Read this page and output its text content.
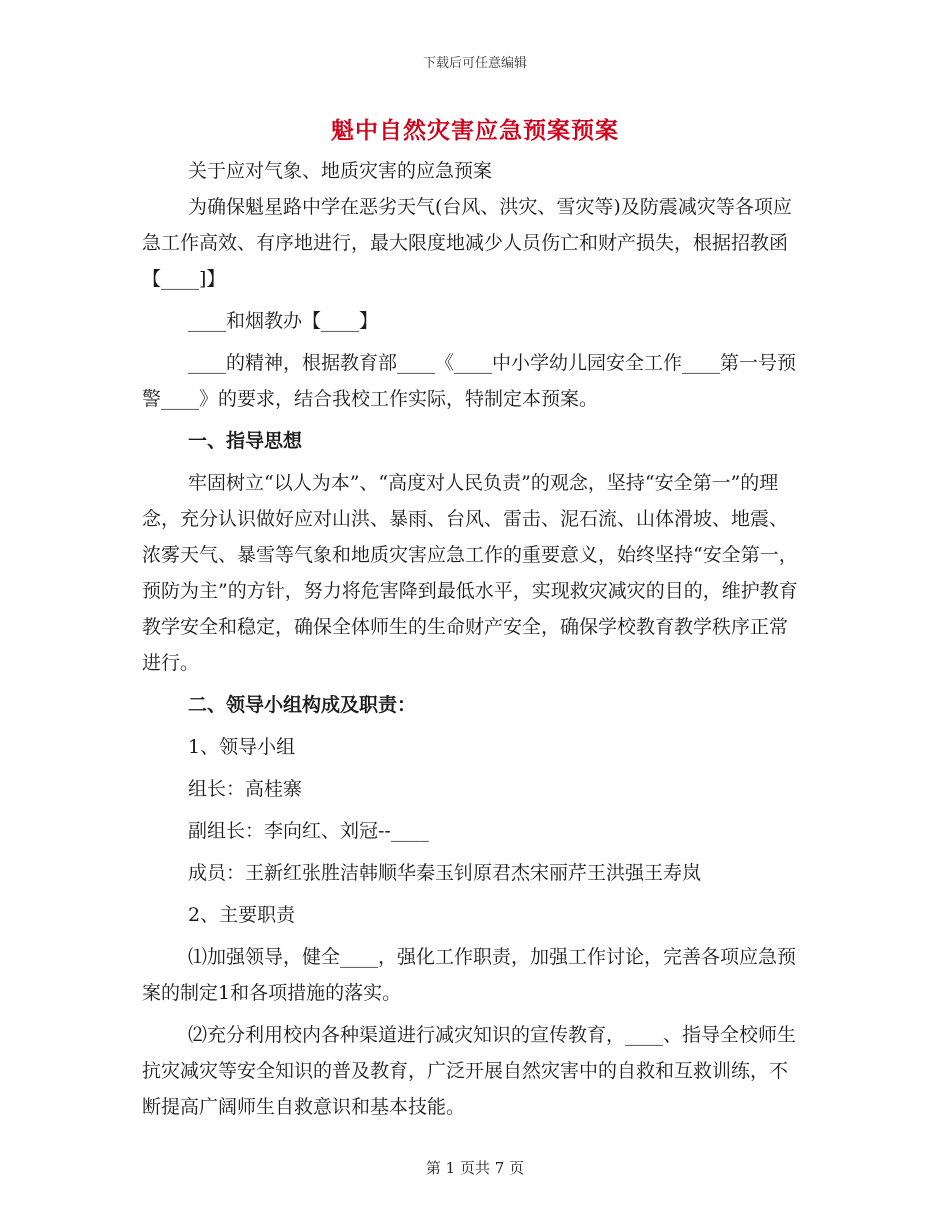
下载后可任意编辑
魁中自然灾害应急预案预案

关于应对气象、地质灾害的应急预案

为确保魁星路中学在恶劣天气(台风、洪灾、雪灾等)及防震减灾等各项应急工作高效、有序地进行，最大限度地减少人员伤亡和财产损失，根据招教函【____]】

____和烟教办【____】

____的精神，根据教育部____《____中小学幼儿园安全工作____第一号预警____》的要求，结合我校工作实际，特制定本预案。

一、指导思想

牢固树立“以人为本”、“高度对人民负责”的观念，坚持“安全第一”的理念，充分认识做好应对山洪、暴雨、台风、雷击、泥石流、山体滑坡、地震、浓雾天气、暴雪等气象和地质灾害应急工作的重要意义，始终坚持“安全第一，预防为主”的方针，努力将危害降到最低水平，实现救灾减灾的目的，维护教育教学安全和稳定，确保全体师生的生命财产安全，确保学校教育教学秩序正常进行。

二、领导小组构成及职责：

1、领导小组

组长：高桂寨

副组长：李向红、刘冠--____

成员：王新红张胜洁韩顺华秦玉钊原君杰宋丽芹王洪强王寿岚

2、主要职责

⑴加强领导，健全____，强化工作职责，加强工作讨论，完善各项应急预案的制定1和各项措施的落实。

⑵充分利用校内各种渠道进行减灾知识的宣传教育，____、指导全校师生抗灾减灾等安全知识的普及教育，广泛开展自然灾害中的自救和互救训练，不断提高广阔师生自救意识和基本技能。

第 1 页共 7 页
